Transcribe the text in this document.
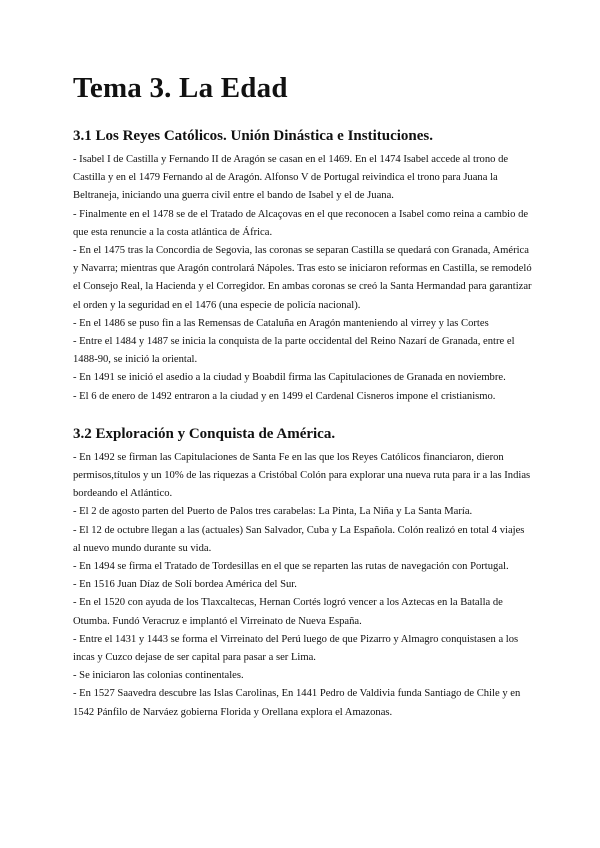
Tema 3. La Edad
3.1 Los Reyes Católicos. Unión Dinástica e Instituciones.

- Isabel I de Castilla y Fernando II de Aragón se casan en el 1469. En el 1474 Isabel accede al trono de Castilla y en el 1479 Fernando al de Aragón. Alfonso V de Portugal reivindica el trono para Juana la Beltraneja, iniciando una guerra civil entre el bando de Isabel y el de Juana.

- Finalmente en el 1478 se de el Tratado de Alcaçovas en el que reconocen a Isabel como reina a cambio de que esta renuncie a la costa atlántica de África.

- En el 1475 tras la Concordia de Segovia, las coronas se separan Castilla se quedará con Granada, América y Navarra; mientras que Aragón controlará Nápoles. Tras esto se iniciaron reformas en Castilla, se remodeló el Consejo Real, la Hacienda y el Corregidor. En ambas coronas se creó la Santa Hermandad para garantizar el orden y la seguridad en el 1476 (una especie de policía nacional).

- En el 1486 se puso fin a las Remensas de Cataluña en Aragón manteniendo al virrey y las Cortes

- Entre el 1484 y 1487 se inicia la conquista de la parte occidental del Reino Nazarí de Granada, entre el 1488-90, se inició la oriental.

- En 1491 se inició el asedio a la ciudad y Boabdil firma las Capitulaciones de Granada en noviembre.

- El 6 de enero de 1492 entraron a la ciudad y en 1499 el Cardenal Cisneros impone el cristianismo.

3.2 Exploración y Conquista de América.

- En 1492 se firman las Capitulaciones de Santa Fe en las que los Reyes Católicos financiaron, dieron permisos,títulos y un 10% de las riquezas a Cristóbal Colón para explorar una nueva ruta para ir a las Indias bordeando el Atlántico.

- El 2 de agosto parten del Puerto de Palos tres carabelas: La Pinta, La Niña y La Santa María.

- El 12 de octubre llegan a las (actuales) San Salvador, Cuba y La Española. Colón realizó en total 4 viajes al nuevo mundo durante su vida.

- En 1494 se firma el Tratado de Tordesillas en el que se reparten las rutas de navegación con Portugal.

- En 1516 Juan Díaz de Solí bordea América del Sur.

- En el 1520 con ayuda de los Tlaxcaltecas, Hernan Cortés logró vencer a los Aztecas en la Batalla de Otumba. Fundó Veracruz e implantó el Virreinato de Nueva España.

- Entre el 1431 y 1443 se forma el Virreinato del Perú luego de que Pizarro y Almagro conquistasen a los incas y Cuzco dejase de ser capital para pasar a ser Lima.

- Se iniciaron las colonias continentales.

- En 1527 Saavedra descubre las Islas Carolinas, En 1441 Pedro de Valdivia funda Santiago de Chile y en 1542 Pánfilo de Narváez gobierna Florida y Orellana explora el Amazonas.
